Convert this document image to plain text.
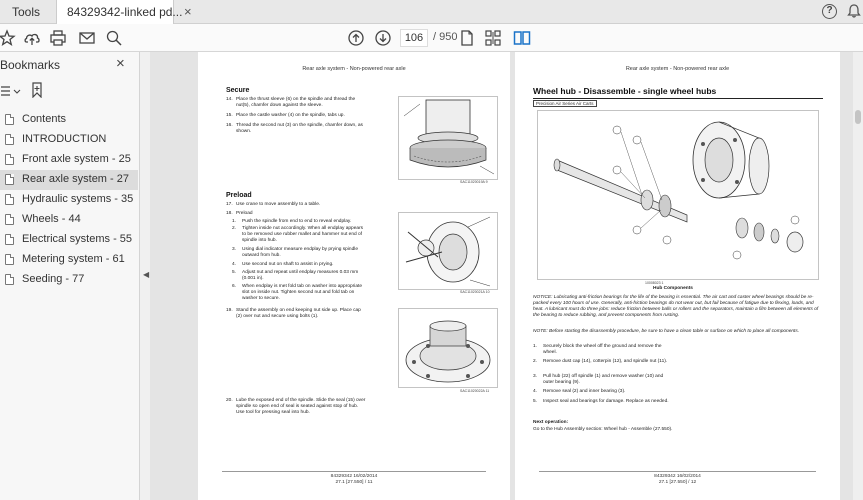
Tools 84329342-linked pd... ×	?
106 / 950
Bookmarks	×
Contents
INTRODUCTION
Front axle system - 25
Rear axle system - 27
Hydraulic systems - 35
Wheels - 44
Electrical systems - 55
Metering system - 61
Seeding - 77	◀
Rear axle system - Non-powered rear axle
Secure
14. Place the thrust sleeve (6) on the spindle and thread the nut(5), chamfer down against the sleeve.
15. Place the castle washer (4) on the spindle, tabs up.
16. Thread the second nut (3) on the spindle, chamfer down, as shown.
SAC11020019A 9
Preload
17. Use crane to move assembly to a table.
18. Preload
1.	Push the spindle from end to end to reveal endplay.
2.	Tighten inside nut accordingly. When all endplay appears to be removed use rubber mallet and hammer nut end of spindle into hub.
3.	Using dial indicator measure endplay by prying spindle outward from hub.
4.	Use second nut on shaft to assist in prying.
5.	Adjust nut and repeat until endplay measures 0.03 mm (0.001 in).
6.	When endplay is met fold tab on washer into appropriate slot on inside nut. Tighten second nut and fold tab on washer to secure.
SAC11020021A 10
19. Stand the assembly on end keeping nut side up. Place cap (2) over nut and secure using bolts (1).
SAC11020022A 11
20. Lube the exposed end of the spindle. Slide the seal (15) over spindle so open end of seal is seated against stop of hub. Use tool for pressing seal into hub.
84329342 16/02/2014
27.1 [27.550] / 11
Rear axle system - Non-powered rear axle
Wheel hub - Disassemble - single wheel hubs
Precision Air Series Air Carts
10008023 1
Hub Components
NOTICE: Lubricating anti-friction bearings for the life of the bearing is essential. The air cart and caster wheel bearings should be re-packed every 100 hours of use. Generally, anti-friction bearings do not wear out, but fail because of fatigue due to flexing, loads, and heat. A lubricant must do three jobs: reduce friction between balls or rollers and the separators, maintain a film between all elements of the bearing to reduce rubbing, and prevent components from rusting.
NOTE: Before starting the disassembly procedure, be sure to have a clean table or surface on which to place all components.
1.	Securely block the wheel off the ground and remove the wheel.
2.	Remove dust cap (14), cotterpin (12), and spindle nut (11).
3.	Pull hub (22) off spindle (1) and remove washer (10) and outer bearing (9).
4.	Remove seal (2) and inner bearing (3).
5.	Inspect seal and bearings for damage. Replace as needed.
Next operation:
Go to the Hub Assembly section: Wheel hub - Assemble (27.550).
84329342 16/02/2014
27.1 [27.550] / 12
